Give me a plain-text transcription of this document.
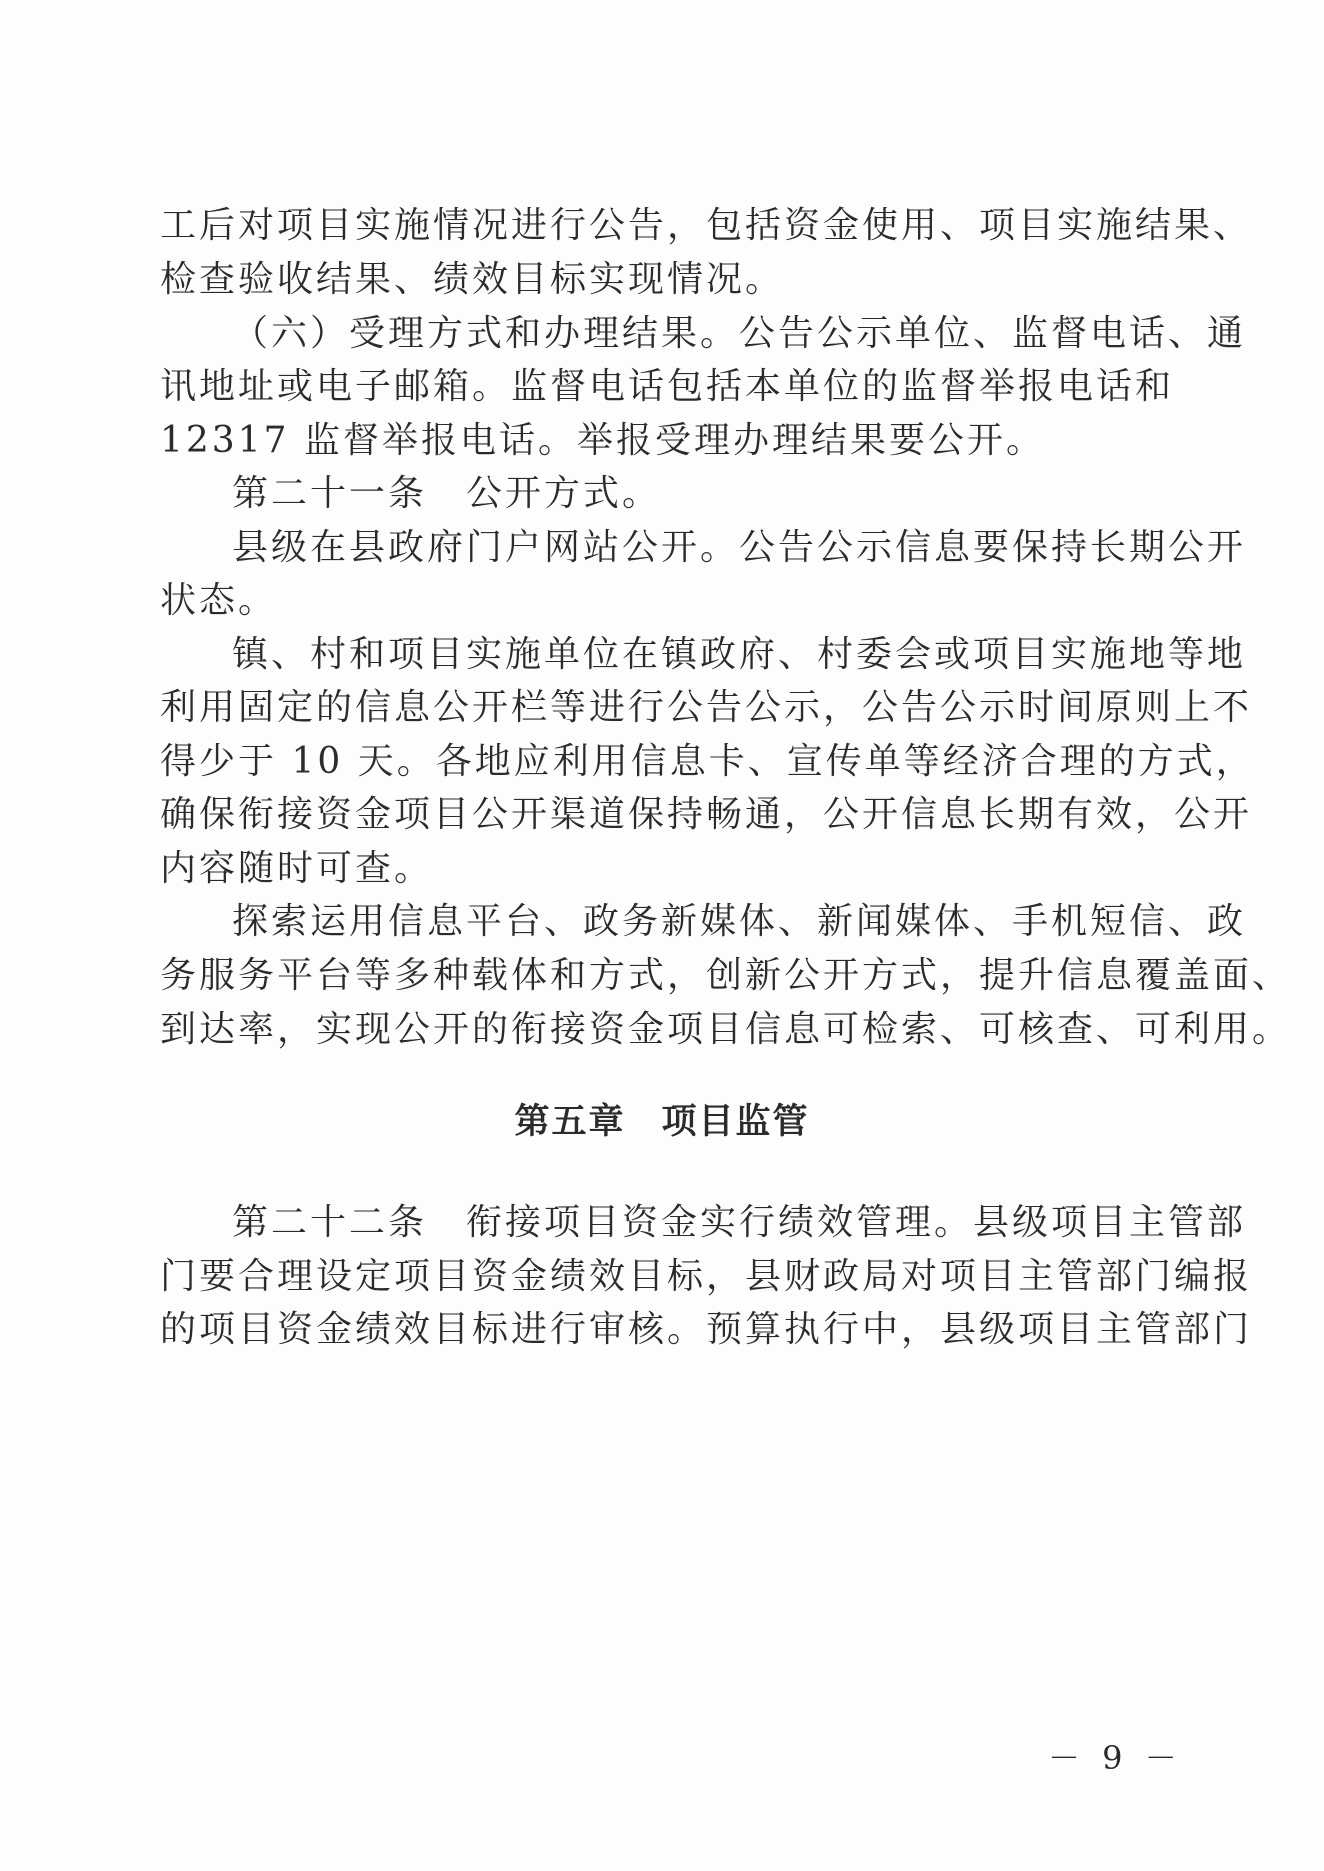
工后对项目实施情况进行公告，包括资金使用、项目实施结果、
检查验收结果、绩效目标实现情况。
（六）受理方式和办理结果。公告公示单位、监督电话、通
讯地址或电子邮箱。监督电话包括本单位的监督举报电话和
12317 监督举报电话。举报受理办理结果要公开。
第二十一条　公开方式。
县级在县政府门户网站公开。公告公示信息要保持长期公开
状态。
镇、村和项目实施单位在镇政府、村委会或项目实施地等地
利用固定的信息公开栏等进行公告公示，公告公示时间原则上不
得少于 10 天。各地应利用信息卡、宣传单等经济合理的方式，
确保衔接资金项目公开渠道保持畅通，公开信息长期有效，公开
内容随时可查。
探索运用信息平台、政务新媒体、新闻媒体、手机短信、政
务服务平台等多种载体和方式，创新公开方式，提升信息覆盖面、
到达率，实现公开的衔接资金项目信息可检索、可核查、可利用。
第五章 项目监管
第二十二条　衔接项目资金实行绩效管理。县级项目主管部
门要合理设定项目资金绩效目标，县财政局对项目主管部门编报
的项目资金绩效目标进行审核。预算执行中，县级项目主管部门
－ 9 －
